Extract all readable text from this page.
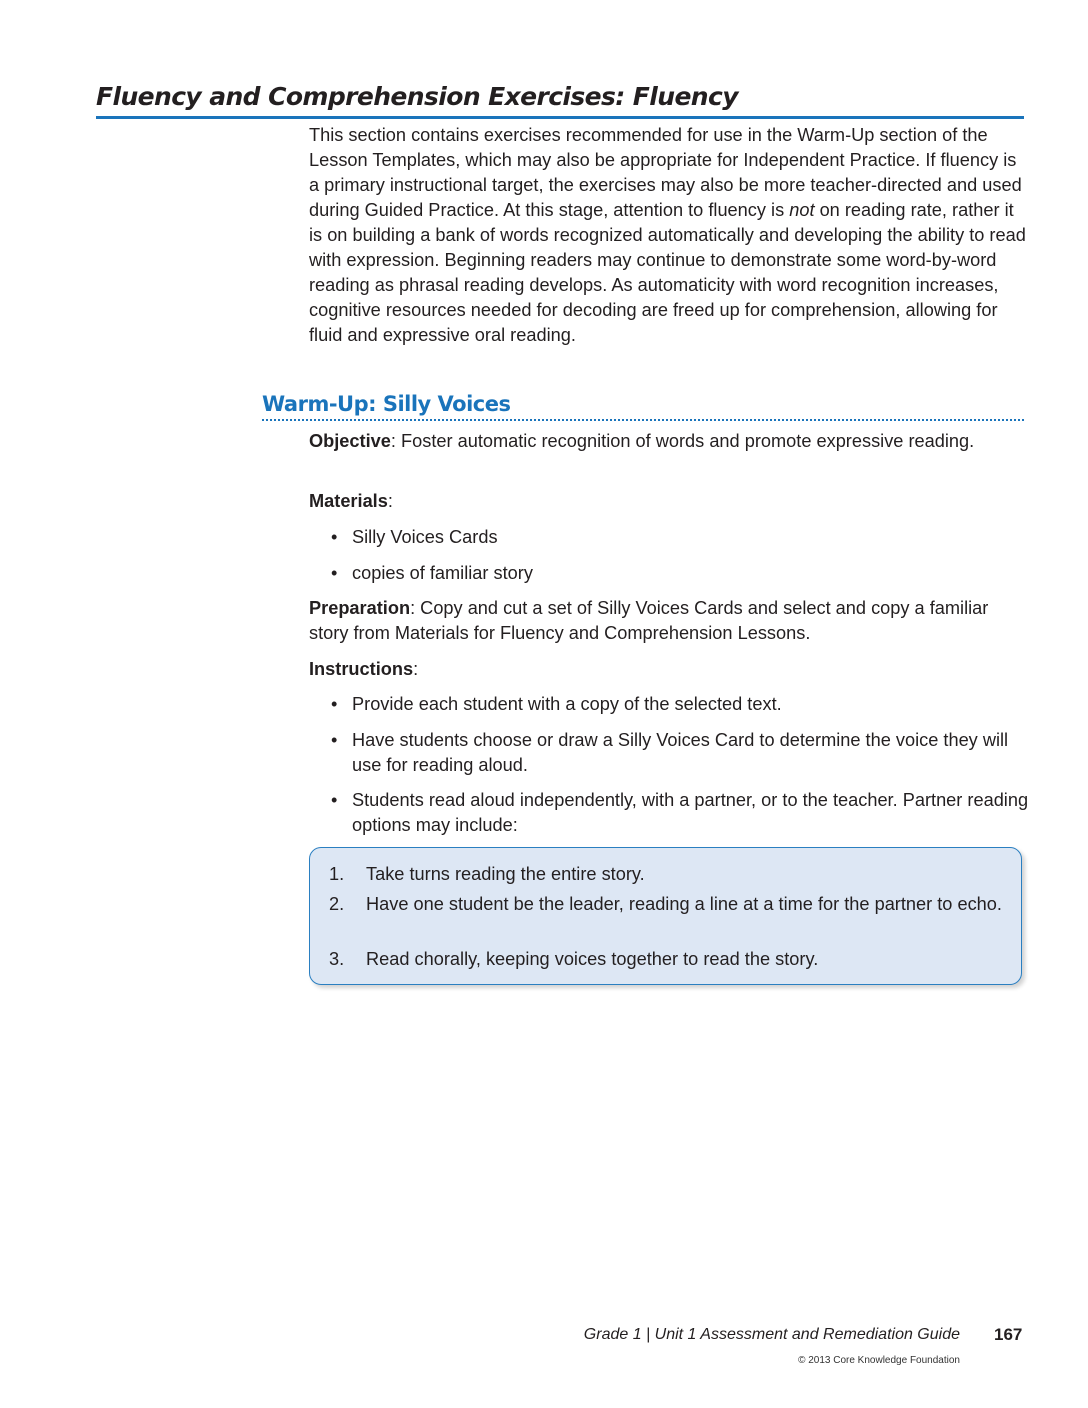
Fluency and Comprehension Exercises: Fluency

This section contains exercises recommended for use in the Warm-Up section of the Lesson Templates, which may also be appropriate for Independent Practice. If fluency is a primary instructional target, the exercises may also be more teacher-directed and used during Guided Practice. At this stage, attention to fluency is not on reading rate, rather it is on building a bank of words recognized automatically and developing the ability to read with expression. Beginning readers may continue to demonstrate some word-by-word reading as phrasal reading develops. As automaticity with word recognition increases, cognitive resources needed for decoding are freed up for comprehension, allowing for fluid and expressive oral reading.

Warm-Up: Silly Voices

Objective: Foster automatic recognition of words and promote expressive reading.

Materials:

• Silly Voices Cards
• copies of familiar story

Preparation: Copy and cut a set of Silly Voices Cards and select and copy a familiar story from Materials for Fluency and Comprehension Lessons.

Instructions:

• Provide each student with a copy of the selected text.
• Have students choose or draw a Silly Voices Card to determine the voice they will use for reading aloud.
• Students read aloud independently, with a partner, or to the teacher. Partner reading options may include:
1.	Take turns reading the entire story.
2.	Have one student be the leader, reading a line at a time for the partner to echo.
3.	Read chorally, keeping voices together to read the story.
Grade 1 | Unit 1 Assessment and Remediation Guide 167
© 2013 Core Knowledge Foundation
